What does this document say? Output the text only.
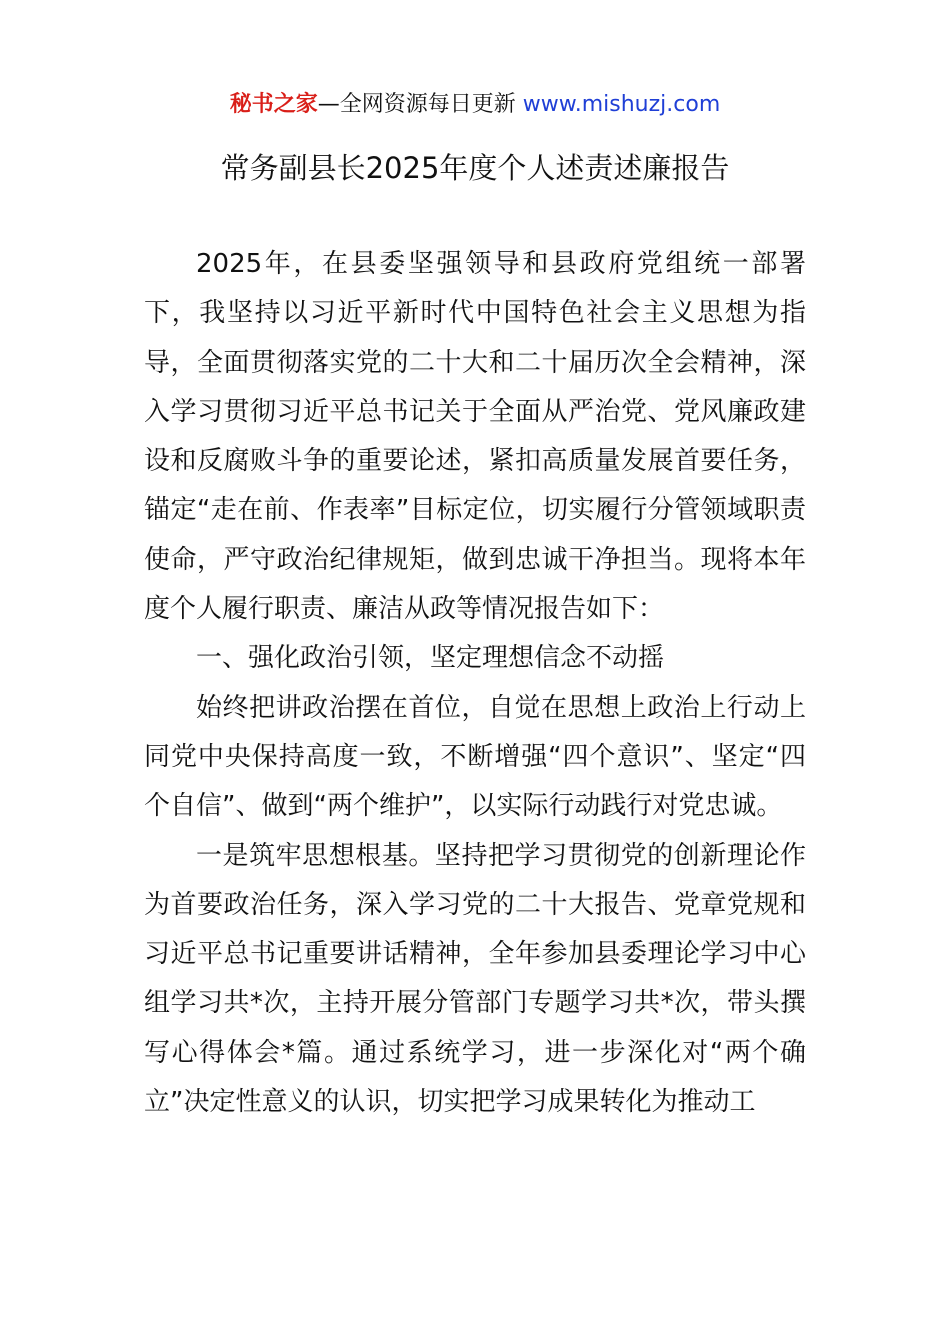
秘书之家—全网资源每日更新 www.mishuzj.com
常务副县长2025年度个人述责述廉报告

2025年，在县委坚强领导和县政府党组统一部署下，我坚持以习近平新时代中国特色社会主义思想为指导，全面贯彻落实党的二十大和二十届历次全会精神，深入学习贯彻习近平总书记关于全面从严治党、党风廉政建设和反腐败斗争的重要论述，紧扣高质量发展首要任务，锚定“走在前、作表率”目标定位，切实履行分管领域职责使命，严守政治纪律规矩，做到忠诚干净担当。现将本年度个人履行职责、廉洁从政等情况报告如下：

一、强化政治引领，坚定理想信念不动摇

始终把讲政治摆在首位，自觉在思想上政治上行动上同党中央保持高度一致，不断增强“四个意识”、坚定“四个自信”、做到“两个维护”，以实际行动践行对党忠诚。

一是筑牢思想根基。坚持把学习贯彻党的创新理论作为首要政治任务，深入学习党的二十大报告、党章党规和习近平总书记重要讲话精神，全年参加县委理论学习中心组学习共*次，主持开展分管部门专题学习共*次，带头撰写心得体会*篇。通过系统学习，进一步深化对“两个确立”决定性意义的认识，切实把学习成果转化为推动工
